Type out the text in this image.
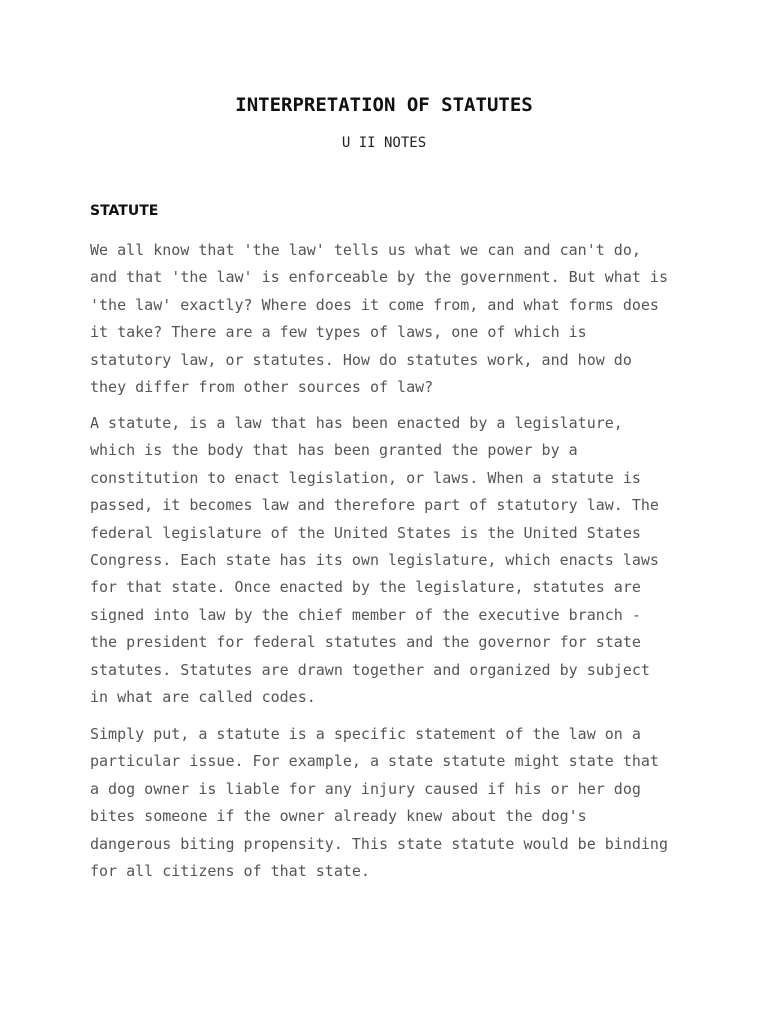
INTERPRETATION OF STATUTES
U II NOTES
STATUTE

We all know that 'the law' tells us what we can and can't do,
and that 'the law' is enforceable by the government. But what is
'the law' exactly? Where does it come from, and what forms does
it take? There are a few types of laws, one of which is
statutory law, or statutes. How do statutes work, and how do
they differ from other sources of law?

A statute, is a law that has been enacted by a legislature,
which is the body that has been granted the power by a
constitution to enact legislation, or laws. When a statute is
passed, it becomes law and therefore part of statutory law. The
federal legislature of the United States is the United States
Congress. Each state has its own legislature, which enacts laws
for that state. Once enacted by the legislature, statutes are
signed into law by the chief member of the executive branch -
the president for federal statutes and the governor for state
statutes. Statutes are drawn together and organized by subject
in what are called codes.

Simply put, a statute is a specific statement of the law on a
particular issue. For example, a state statute might state that
a dog owner is liable for any injury caused if his or her dog
bites someone if the owner already knew about the dog's
dangerous biting propensity. This state statute would be binding
for all citizens of that state.
